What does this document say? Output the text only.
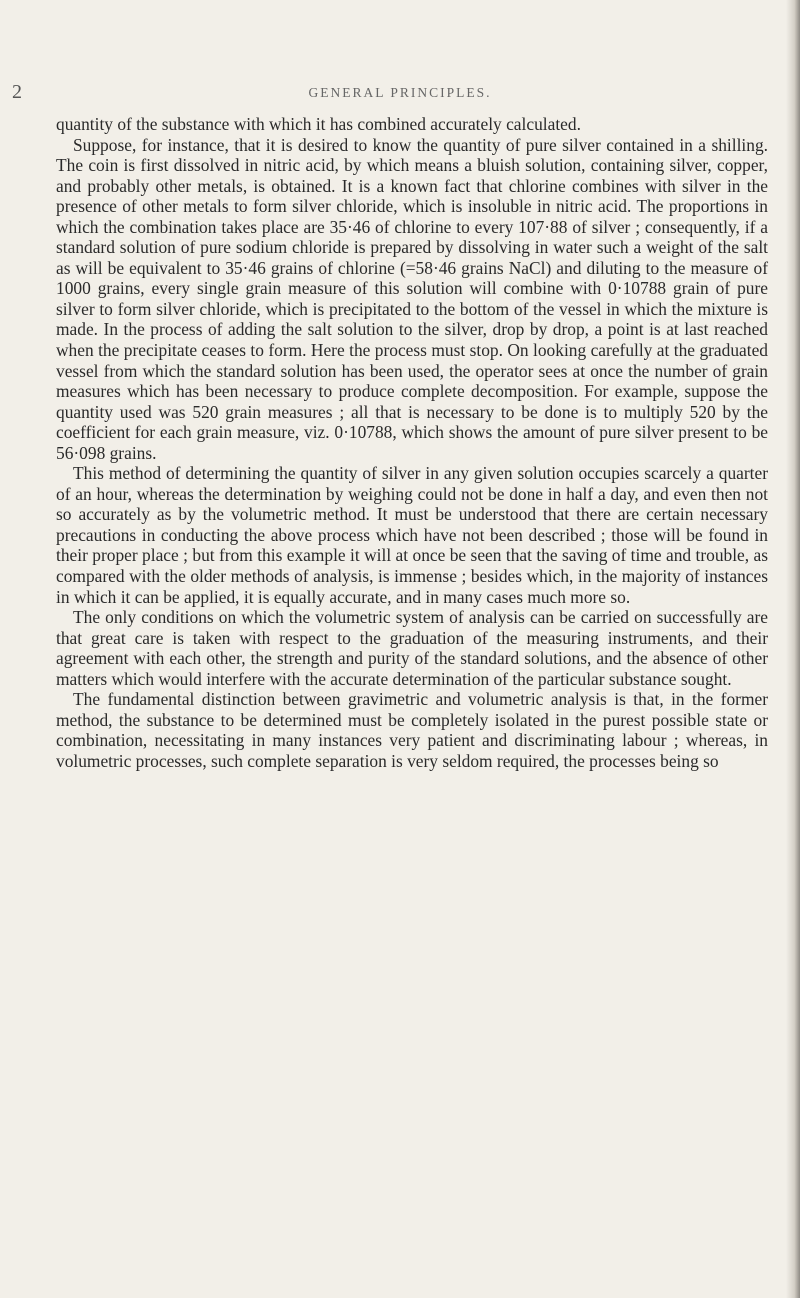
2	GENERAL PRINCIPLES.

quantity of the substance with which it has combined accurately calculated.

Suppose, for instance, that it is desired to know the quantity of pure silver contained in a shilling. The coin is first dissolved in nitric acid, by which means a bluish solution, containing silver, copper, and probably other metals, is obtained. It is a known fact that chlorine combines with silver in the presence of other metals to form silver chloride, which is insoluble in nitric acid. The proportions in which the combination takes place are 35·46 of chlorine to every 107·88 of silver ; consequently, if a standard solution of pure sodium chloride is prepared by dissolving in water such a weight of the salt as will be equivalent to 35·46 grains of chlorine (=58·46 grains NaCl) and diluting to the measure of 1000 grains, every single grain measure of this solution will combine with 0·10788 grain of pure silver to form silver chloride, which is precipitated to the bottom of the vessel in which the mixture is made. In the process of adding the salt solution to the silver, drop by drop, a point is at last reached when the precipitate ceases to form. Here the process must stop. On looking carefully at the graduated vessel from which the standard solution has been used, the operator sees at once the number of grain measures which has been necessary to produce complete decomposition. For example, suppose the quantity used was 520 grain measures ; all that is necessary to be done is to multiply 520 by the coefficient for each grain measure, viz. 0·10788, which shows the amount of pure silver present to be 56·098 grains.

This method of determining the quantity of silver in any given solution occupies scarcely a quarter of an hour, whereas the determination by weighing could not be done in half a day, and even then not so accurately as by the volumetric method. It must be understood that there are certain necessary precautions in conducting the above process which have not been described ; those will be found in their proper place ; but from this example it will at once be seen that the saving of time and trouble, as compared with the older methods of analysis, is immense ; besides which, in the majority of instances in which it can be applied, it is equally accurate, and in many cases much more so.

The only conditions on which the volumetric system of analysis can be carried on successfully are that great care is taken with respect to the graduation of the measuring instruments, and their agreement with each other, the strength and purity of the standard solutions, and the absence of other matters which would interfere with the accurate determination of the particular substance sought.

The fundamental distinction between gravimetric and volumetric analysis is that, in the former method, the substance to be determined must be completely isolated in the purest possible state or combination, necessitating in many instances very patient and discriminating labour ; whereas, in volumetric processes, such complete separation is very seldom required, the processes being so
